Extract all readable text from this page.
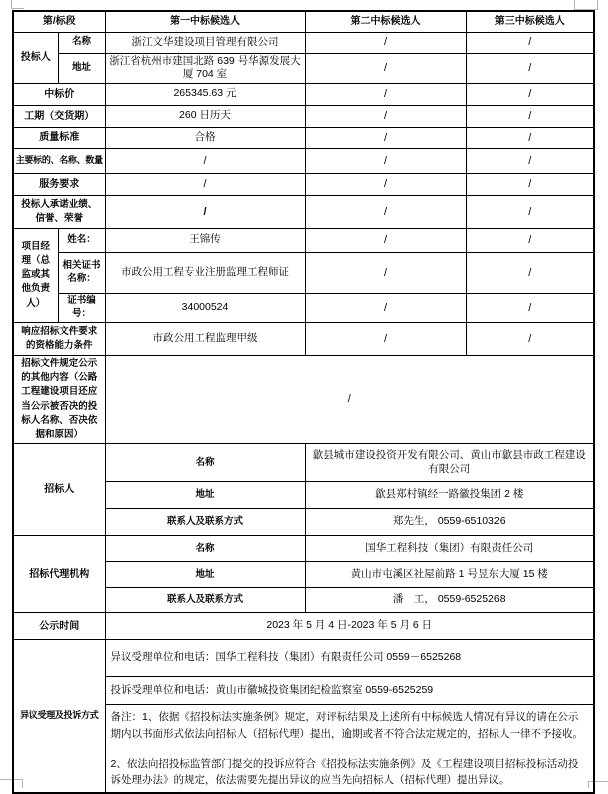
第/标段		第一中标候选人	第二中标候选人	第三中标候选人
投标人	名称	浙江文华建设项目管理有限公司	/	/
	地址	浙江省杭州市建国北路 639 号华源发展大厦 704 室	/	/
中标价		265345.63 元	/	/
工期（交货期）		260 日历天	/	/
质量标准		合格	/	/
主要标的、名称、数量		/	/	/
服务要求		/	/	/
投标人承诺业绩、信誉、荣誉		/	/	/
项目经理（总监或其他负责人）	姓名：	王锦传	/	/
	相关证书名称：	市政公用工程专业注册监理工程师证	/	/
	证书编号：	34000524	/	/
响应招标文件要求的资格能力条件		市政公用工程监理甲级	/	/
招标文件规定公示的其他内容（公路工程建设项目还应当公示被否决的投标人名称、否决依据和原因）		/		
招标人		名称	歙县城市建设投资开发有限公司、黄山市歙县市政工程建设有限公司	
		地址	歙县郑村镇经一路徽投集团 2 楼	
		联系人及联系方式	郑先生， 0559-6510326	
招标代理机构		名称	国华工程科技（集团）有限责任公司	
		地址	黄山市屯溪区社屋前路 1 号昱东大厦 15 楼	
		联系人及联系方式	潘　工， 0559-6525268	
公示时间		2023 年 5 月 4 日-2023 年 5 月 6 日		
异议受理及投诉方式		异议受理单位和电话：国华工程科技（集团）有限责任公司 0559－6525268		
		投诉受理单位和电话：黄山市徽城投资集团纪检监察室 0559-6525259		

		备注：1、依据《招投标法实施条例》规定，对评标结果及上述所有中标候选人情况有异议的请在公示期内以书面形式依法向招标人（招标代理）提出，逾期或者不符合法定规定的，招标人一律不予接收。
2、依法向招投标监管部门提交的投诉应符合《招投标法实施条例》及《工程建设项目招标投标活动投诉处理办法》的规定，依法需要先提出异议的应当先向招标人（招标代理）提出异议。		
